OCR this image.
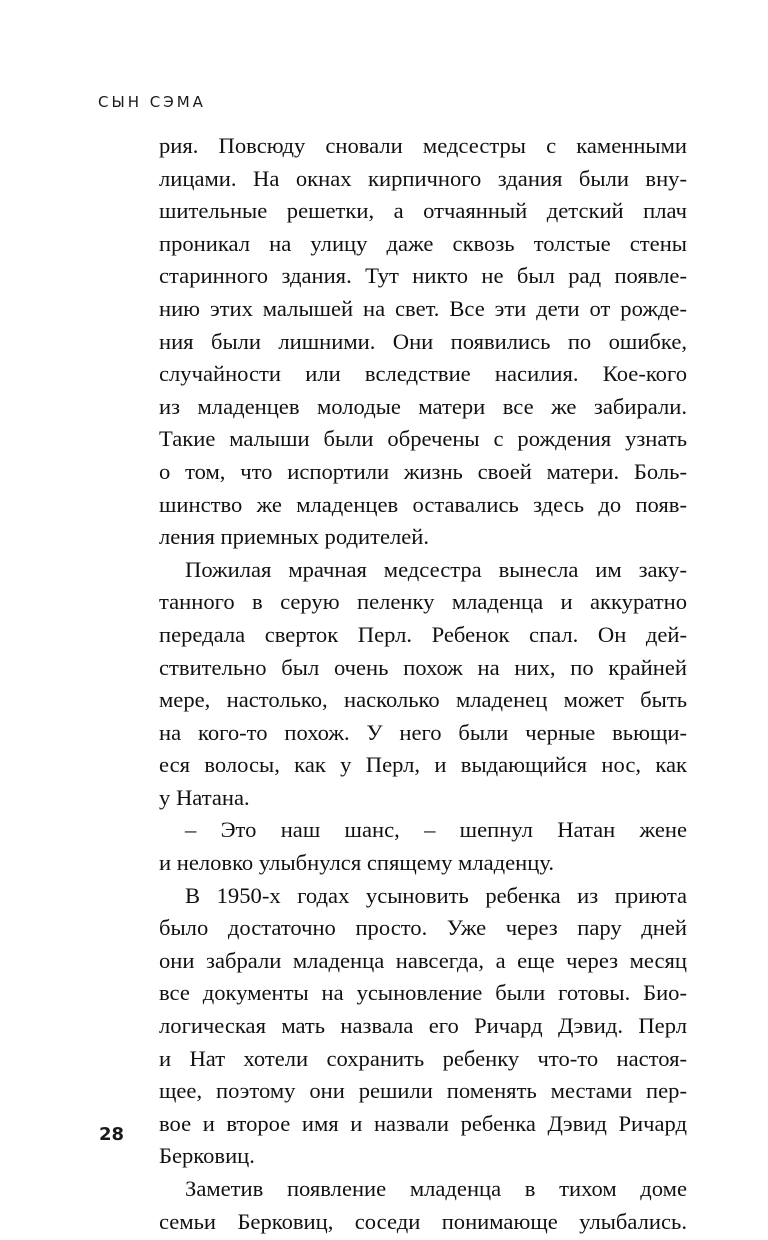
СЫН СЭМА
рия. Повсюду сновали медсестры с каменными
лицами. На окнах кирпичного здания были вну-
шительные решетки, а отчаянный детский плач
проникал на улицу даже сквозь толстые стены
старинного здания. Тут никто не был рад появле-
нию этих малышей на свет. Все эти дети от рожде-
ния были лишними. Они появились по ошибке,
случайности или вследствие насилия. Кое-кого
из младенцев молодые матери все же забирали.
Такие малыши были обречены с рождения узнать
о том, что испортили жизнь своей матери. Боль-
шинство же младенцев оставались здесь до появ-
ления приемных родителей.
Пожилая мрачная медсестра вынесла им заку-
танного в серую пеленку младенца и аккуратно
передала сверток Перл. Ребенок спал. Он дей-
ствительно был очень похож на них, по крайней
мере, настолько, насколько младенец может быть
на кого-то похож. У него были черные вьющи-
еся волосы, как у Перл, и выдающийся нос, как
у Натана.
– Это наш шанс, – шепнул Натан жене
и неловко улыбнулся спящему младенцу.
В 1950-х годах усыновить ребенка из приюта
было достаточно просто. Уже через пару дней
они забрали младенца навсегда, а еще через месяц
все документы на усыновление были готовы. Био-
логическая мать назвала его Ричард Дэвид. Перл
и Нат хотели сохранить ребенку что-то настоя-
щее, поэтому они решили поменять местами пер-
вое и второе имя и назвали ребенка Дэвид Ричард
Берковиц.
Заметив появление младенца в тихом доме
семьи Берковиц, соседи понимающе улыбались.
28
